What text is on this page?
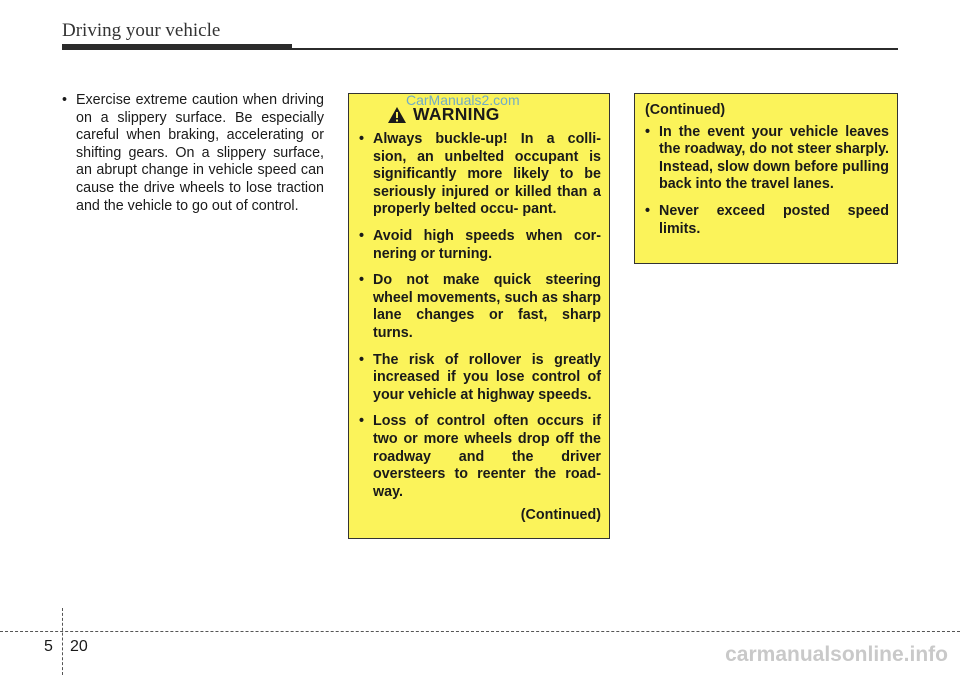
Driving your vehicle
• Exercise extreme caution when driving on a slippery surface. Be especially careful when braking, accelerating or shifting gears. On a slippery surface, an abrupt change in vehicle speed can cause the drive wheels to lose traction and the vehicle to go out of control.
WARNING
• Always buckle-up! In a colli- sion, an unbelted occupant is significantly more likely to be seriously injured or killed than a properly belted occu- pant.
• Avoid high speeds when cor- nering or turning.
• Do not make quick steering wheel movements, such as sharp lane changes or fast, sharp turns.
• The risk of rollover is greatly increased if you lose control of your vehicle at highway speeds.
• Loss of control often occurs if two or more wheels drop off the roadway and the driver oversteers to reenter the road- way.
(Continued)
(Continued)
• In the event your vehicle leaves the roadway, do not steer sharply. Instead, slow down before pulling back into the travel lanes.
• Never exceed posted speed limits.
CarManuals2.com
carmanualsonline.info
5 20
